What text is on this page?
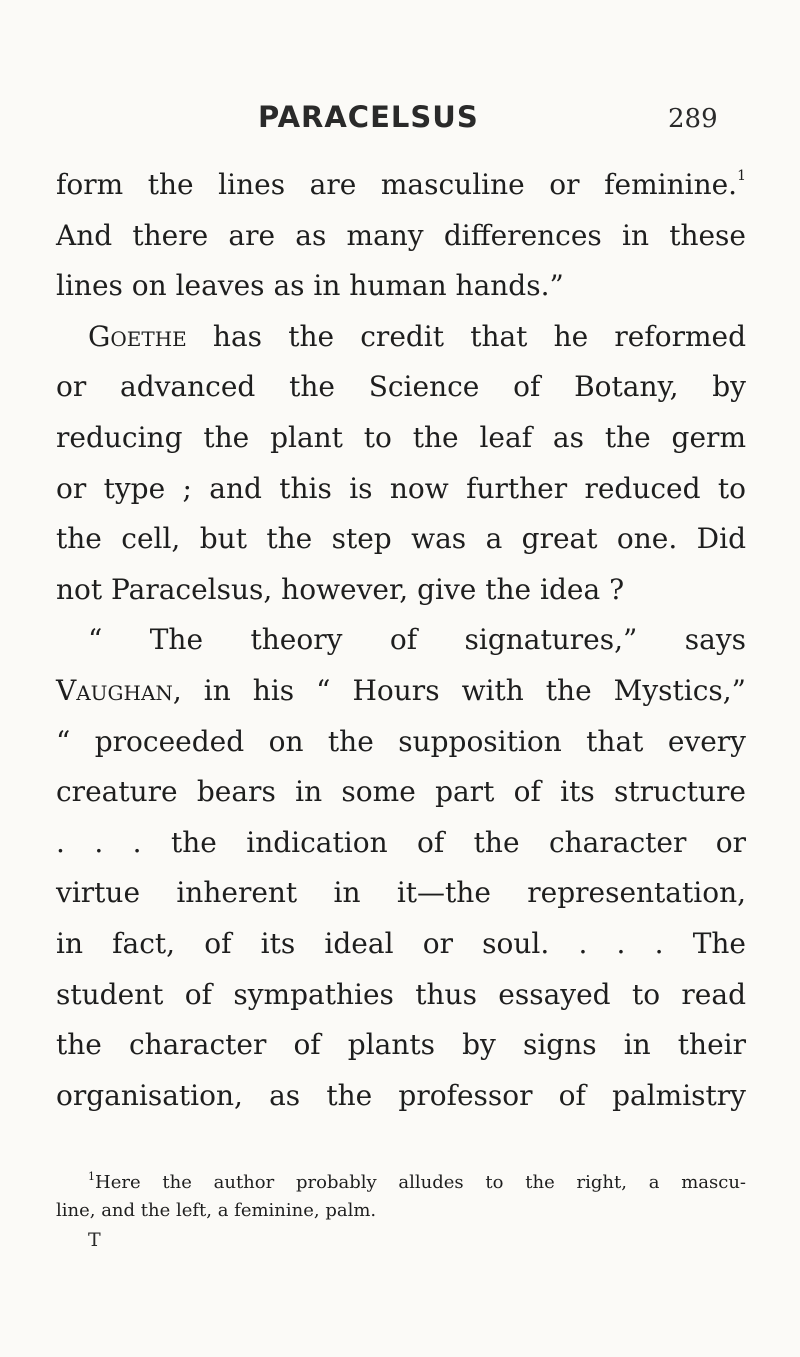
PARACELSUS	289
form the lines are masculine or feminine.$^1$
And there are as many differences in these
lines on leaves as in human hands.”
Goethe has the credit that he reformed
or advanced the Science of Botany, by
reducing the plant to the leaf as the germ
or type ; and this is now further reduced to
the cell, but the step was a great one. Did
not Paracelsus, however, give the idea ?
“ The theory of signatures,” says
Vaughan, in his “ Hours with the Mystics,”
“ proceeded on the supposition that every
creature bears in some part of its structure
. . . the indication of the character or
virtue inherent in it—the representation,
in fact, of its ideal or soul. . . . The
student of sympathies thus essayed to read
the character of plants by signs in their
organisation, as the professor of palmistry
$^1$Here the author probably alludes to the right, a mascu-
line, and the left, a feminine, palm.
T
